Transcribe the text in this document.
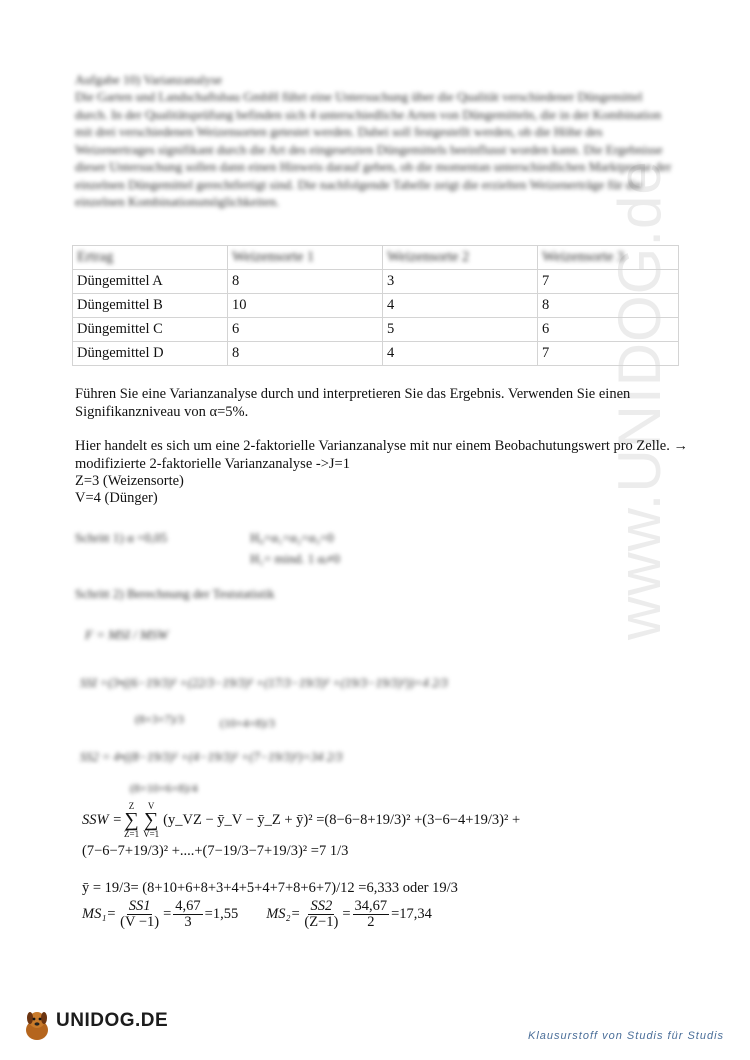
www.UNIDOG.de
Aufgabe 10) Varianzanalyse
Die Garten und Landschaftsbau GmbH führt eine Untersuchung über die Qualität verschiedener Düngemittel durch. In der Qualitätsprüfung befinden sich 4 unterschiedliche Arten von Düngemitteln, die in der Kombination mit drei verschiedenen Weizensorten getestet werden. Dabei soll festgestellt werden, ob die Höhe des Weizenertrages signifikant durch die Art des eingesetzten Düngemittels beeinflusst worden kann. Die Ergebnisse dieser Untersuchung sollen dann einen Hinweis darauf geben, ob die momentan unterschiedlichen Marktpreise der einzelnen Düngemittel gerechtfertigt sind. Die nachfolgende Tabelle zeigt die erzielten Weizenerträge für die einzelnen Kombinationsmöglichkeiten.
Ertrag	Weizensorte 1	Weizensorte 2	Weizensorte 3
Düngemittel A	8	3	7
Düngemittel B	10	4	8
Düngemittel C	6	5	6
Düngemittel D	8	4	7
Führen Sie eine Varianzanalyse durch und interpretieren Sie das Ergebnis. Verwenden Sie einen Signifikanzniveau von α=5%.
Hier handelt es sich um eine 2-faktorielle Varianzanalyse mit nur einem Beobachutungswert pro Zelle. → modifizierte 2-faktorielle Varianzanalyse ->J=1
Z=3 (Weizensorte)
V=4 (Dünger)
Schritt 1) α =0,05	H₀=α₁=α₂=α₃=0
H₁= mind. 1 αᵢ≠0
Schritt 2) Berechnung der Teststatistik
F = MSI / MSW
SSI =(3•((6−19/3)² +(22/3−19/3)² +(17/3−19/3)² +(19/3−19/3)²))=4 2/3
(8+3+7)/3	(10+4+8)/3
SS2 = 4•((8−19/3)² +(4−19/3)² +(7−19/3)²)=34 2/3
(8+10+6+8)/4
SSW =
Z
∑
Z=1
V
∑
V=1
(y_VZ − ȳ_V − ȳ_Z + ȳ)² =(8−6−8+19/3)² +(3−6−4+19/3)² +
(7−6−7+19/3)² +....+(7−19/3−7+19/3)² =7 1/3
ȳ = 19/3= (8+10+6+8+3+4+5+4+7+8+6+7)/12 =6,333 oder 19/3
$MS_1= \frac{SS1}{(V -1)} = \frac{4,67}{3} =1,55$ $MS_2= \frac{SS2}{(Z-1)} = \frac{34,67}{2} =17,34$
UNIDOG.DE
Klausurstoff von Studis für Studis
